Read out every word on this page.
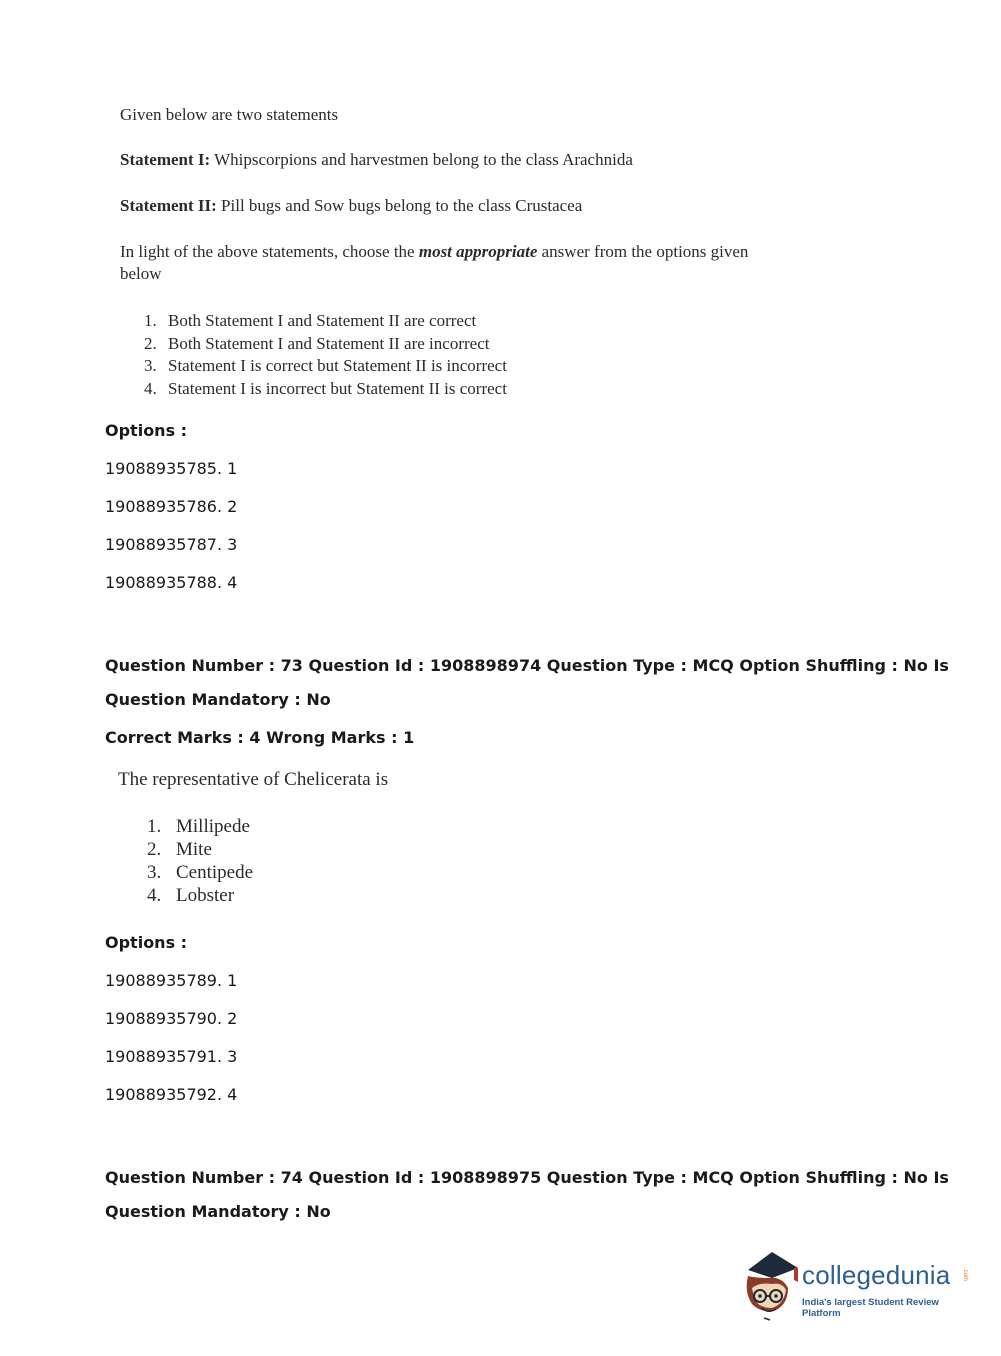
Given below are two statements
Statement I: Whipscorpions and harvestmen belong to the class Arachnida
Statement II: Pill bugs and Sow bugs belong to the class Crustacea
In light of the above statements, choose the most appropriate answer from the options given
below
1. Both Statement I and Statement II are correct
2. Both Statement I and Statement II are incorrect
3. Statement I is correct but Statement II is incorrect
4. Statement I is incorrect but Statement II is correct
Options :
19088935785. 1
19088935786. 2
19088935787. 3
19088935788. 4
Question Number : 73 Question Id : 1908898974 Question Type : MCQ Option Shuffling : No Is
Question Mandatory : No
Correct Marks : 4 Wrong Marks : 1
The representative of Chelicerata is
1. Millipede
2. Mite
3. Centipede
4. Lobster
Options :
19088935789. 1
19088935790. 2
19088935791. 3
19088935792. 4
Question Number : 74 Question Id : 1908898975 Question Type : MCQ Option Shuffling : No Is
Question Mandatory : No
collegedunia .com
India's largest Student Review Platform
